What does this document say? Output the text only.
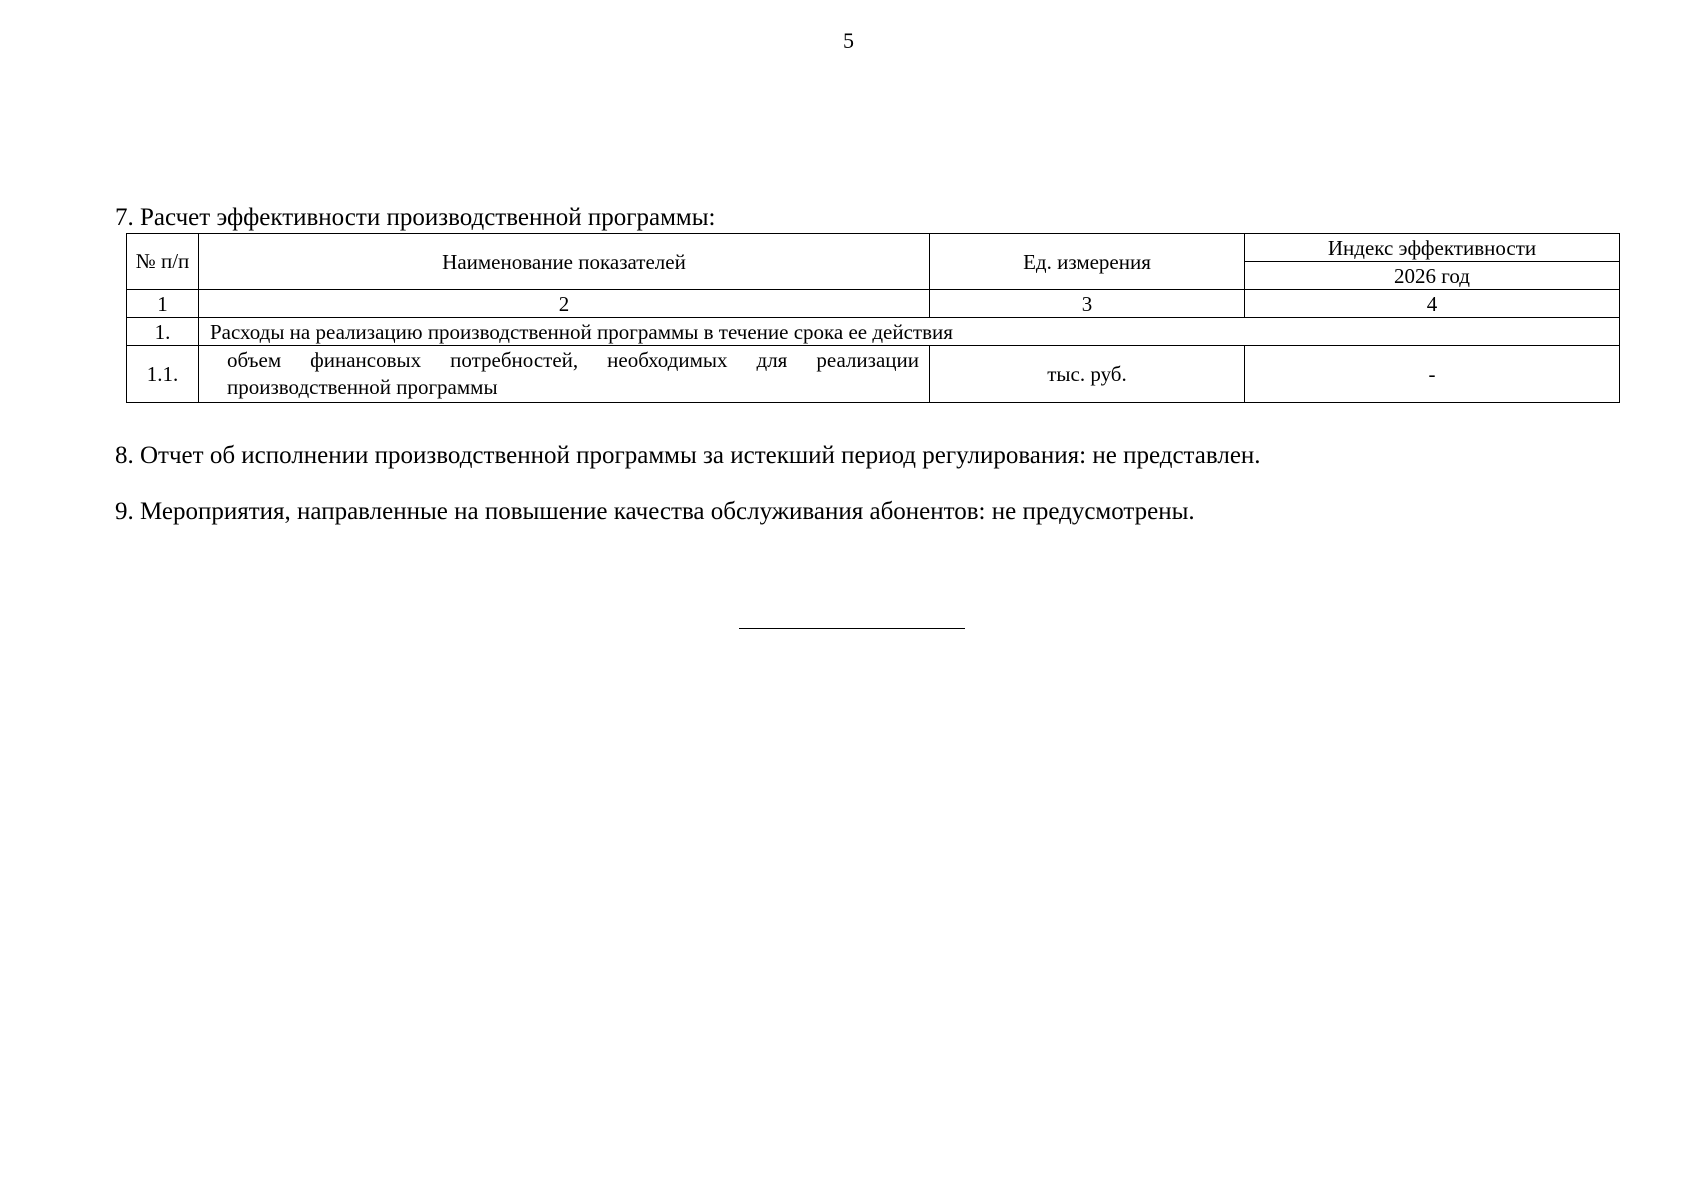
5
7. Расчет эффективности производственной программы:
№ п/п	Наименование показателей	Ед. измерения	Индекс эффективности
			2026 год
1	2	3	4
1.	Расходы на реализацию производственной программы в течение срока ее действия		
1.1.	объем финансовых потребностей, необходимых для реализации производственной программы	тыс. руб.	-
8. Отчет об исполнении производственной программы за истекший период регулирования: не представлен.
9. Мероприятия, направленные на повышение качества обслуживания абонентов: не предусмотрены.
